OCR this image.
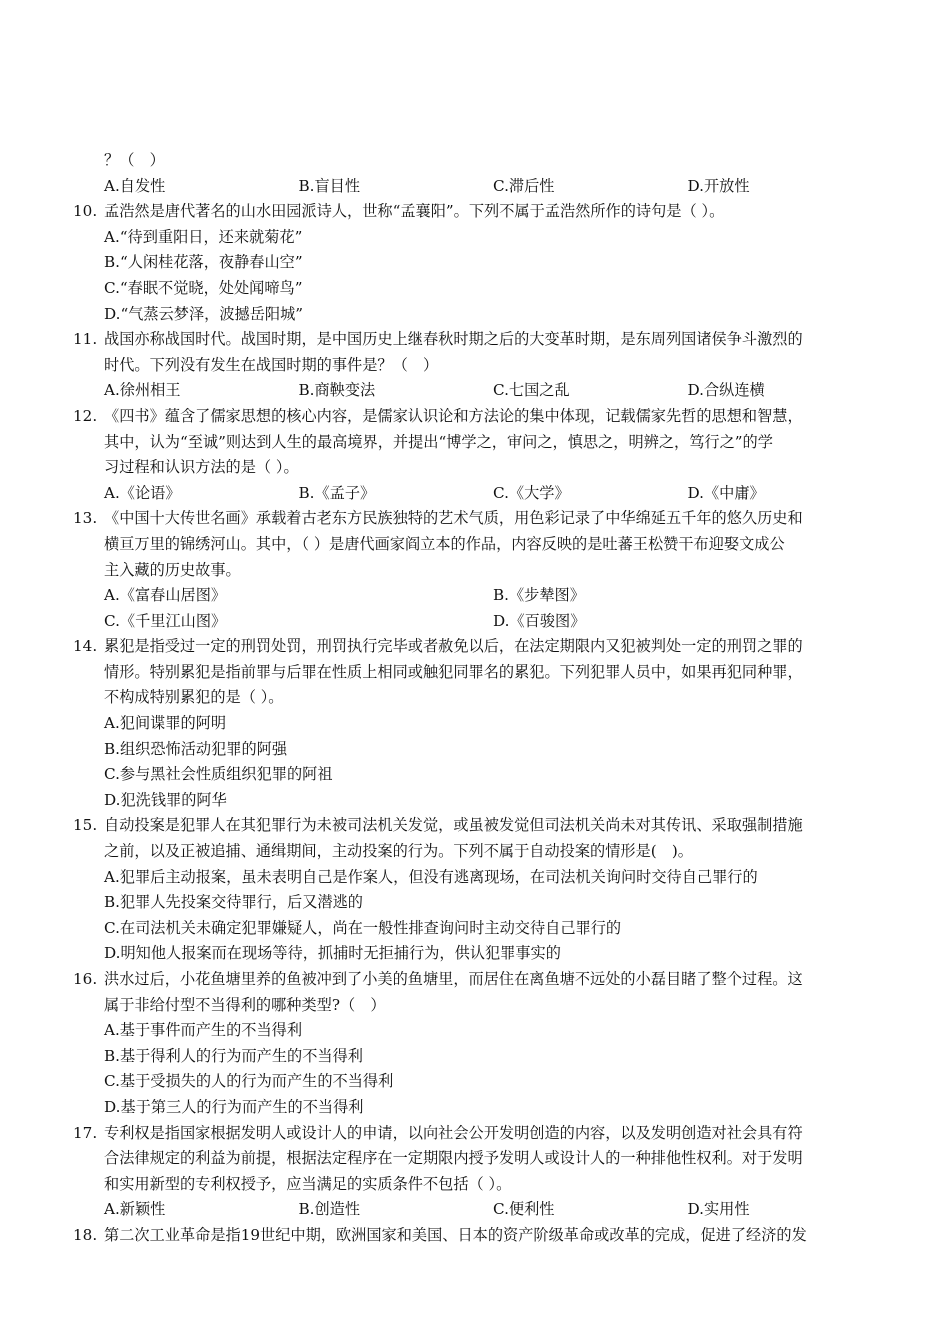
？（　）
A.自发性	B.盲目性	C.滞后性	D.开放性
10. 孟浩然是唐代著名的山水田园派诗人，世称“孟襄阳”。下列不属于孟浩然所作的诗句是（ ）。
A.“待到重阳日，还来就菊花”
B.“人闲桂花落，夜静春山空”
C.“春眠不觉晓，处处闻啼鸟”
D.“气蒸云梦泽，波撼岳阳城”
11. 战国亦称战国时代。战国时期，是中国历史上继春秋时期之后的大变革时期，是东周列国诸侯争斗激烈的
时代。下列没有发生在战国时期的事件是？（　）
A.徐州相王	B.商鞅变法	C.七国之乱	D.合纵连横
12. 《四书》蕴含了儒家思想的核心内容，是儒家认识论和方法论的集中体现，记载儒家先哲的思想和智慧，
其中，认为“至诚”则达到人生的最高境界，并提出“博学之，审问之，慎思之，明辨之，笃行之”的学
习过程和认识方法的是（ ）。
A.《论语》	B.《孟子》	C.《大学》	D.《中庸》
13. 《中国十大传世名画》承载着古老东方民族独特的艺术气质，用色彩记录了中华绵延五千年的悠久历史和
横亘万里的锦绣河山。其中，（ ）是唐代画家阎立本的作品，内容反映的是吐蕃王松赞干布迎娶文成公
主入藏的历史故事。
A.《富春山居图》	B.《步辇图》
C.《千里江山图》	D.《百骏图》
14. 累犯是指受过一定的刑罚处罚，刑罚执行完毕或者赦免以后，在法定期限内又犯被判处一定的刑罚之罪的
情形。特别累犯是指前罪与后罪在性质上相同或触犯同罪名的累犯。下列犯罪人员中，如果再犯同种罪，
不构成特别累犯的是（ ）。
A.犯间谍罪的阿明
B.组织恐怖活动犯罪的阿强
C.参与黑社会性质组织犯罪的阿祖
D.犯洗钱罪的阿华
15. 自动投案是犯罪人在其犯罪行为未被司法机关发觉，或虽被发觉但司法机关尚未对其传讯、采取强制措施
之前，以及正被追捕、通缉期间，主动投案的行为。下列不属于自动投案的情形是(　)。
A.犯罪后主动报案，虽未表明自己是作案人，但没有逃离现场，在司法机关询问时交待自己罪行的
B.犯罪人先投案交待罪行，后又潜逃的
C.在司法机关未确定犯罪嫌疑人，尚在一般性排查询问时主动交待自己罪行的
D.明知他人报案而在现场等待，抓捕时无拒捕行为，供认犯罪事实的
16. 洪水过后，小花鱼塘里养的鱼被冲到了小美的鱼塘里，而居住在离鱼塘不远处的小磊目睹了整个过程。这
属于非给付型不当得利的哪种类型?（　）
A.基于事件而产生的不当得利
B.基于得利人的行为而产生的不当得利
C.基于受损失的人的行为而产生的不当得利
D.基于第三人的行为而产生的不当得利
17. 专利权是指国家根据发明人或设计人的申请，以向社会公开发明创造的内容，以及发明创造对社会具有符
合法律规定的利益为前提，根据法定程序在一定期限内授予发明人或设计人的一种排他性权利。对于发明
和实用新型的专利权授予，应当满足的实质条件不包括（ ）。
A.新颖性	B.创造性	C.便利性	D.实用性
18. 第二次工业革命是指19世纪中期，欧洲国家和美国、日本的资产阶级革命或改革的完成，促进了经济的发
